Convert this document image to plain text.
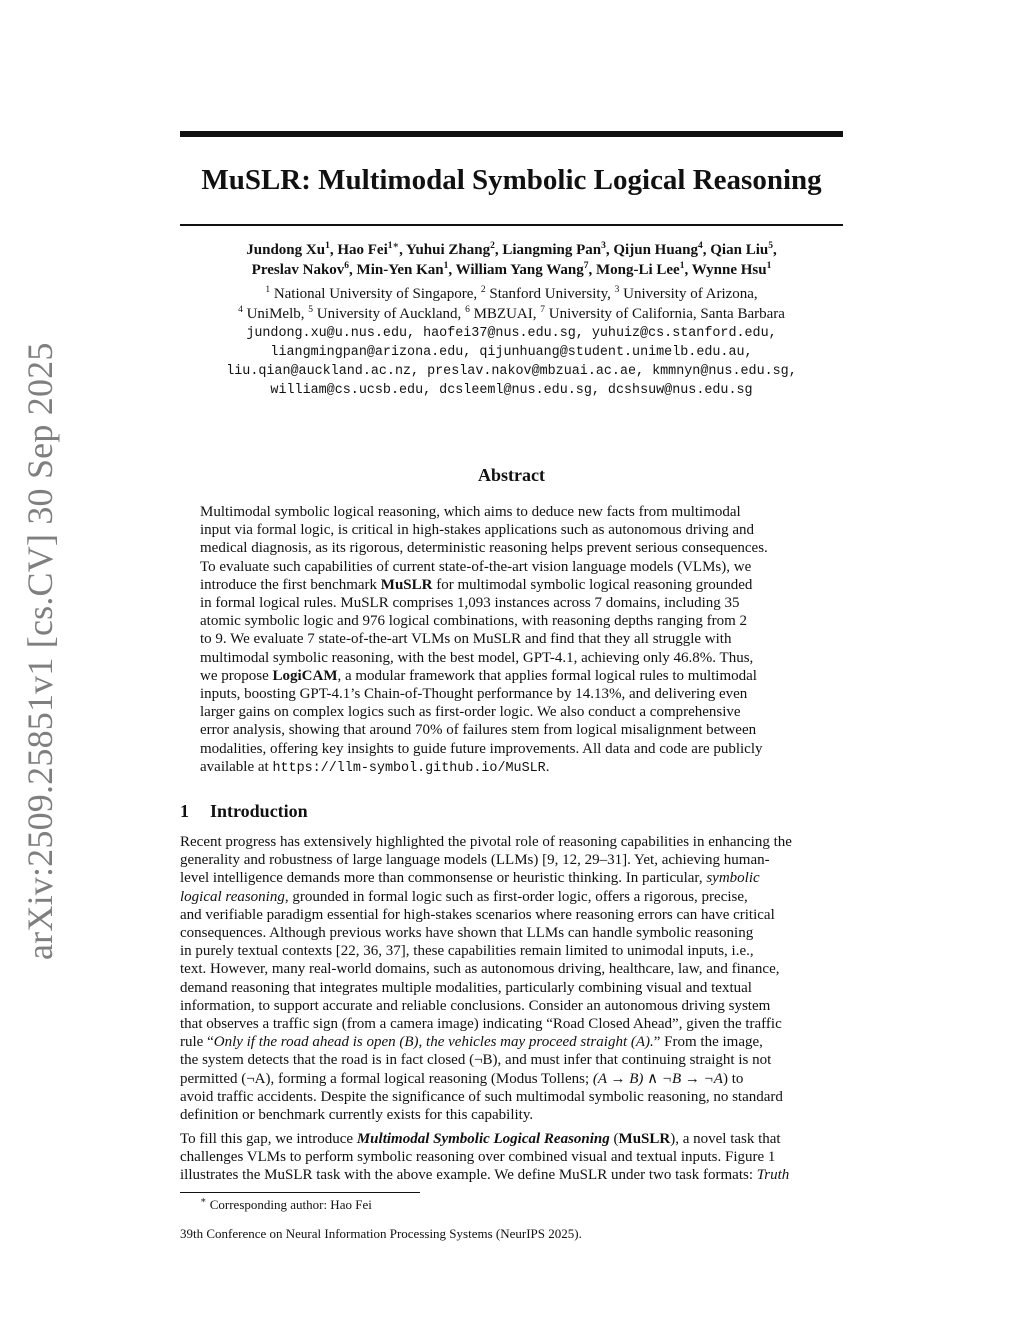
arXiv:2509.25851v1 [cs.CV] 30 Sep 2025
MuSLR: Multimodal Symbolic Logical Reasoning
Jundong Xu$^1$, Hao Fei$^{1∗}$, Yuhui Zhang$^2$, Liangming Pan$^3$, Qijun Huang$^4$, Qian Liu$^5$,
Preslav Nakov$^6$, Min-Yen Kan$^1$, William Yang Wang$^7$, Mong-Li Lee$^1$, Wynne Hsu$^1$
$^1$ National University of Singapore, $^2$ Stanford University, $^3$ University of Arizona,
$^4$ UniMelb, $^5$ University of Auckland, $^6$ MBZUAI, $^7$ University of California, Santa Barbara
jundong.xu@u.nus.edu, haofei37@nus.edu.sg, yuhuiz@cs.stanford.edu,
liangmingpan@arizona.edu, qijunhuang@student.unimelb.edu.au,
liu.qian@auckland.ac.nz, preslav.nakov@mbzuai.ac.ae, kmmnyn@nus.edu.sg,
william@cs.ucsb.edu, dcsleeml@nus.edu.sg, dcshsuw@nus.edu.sg
Abstract
Multimodal symbolic logical reasoning, which aims to deduce new facts from multimodal
input via formal logic, is critical in high-stakes applications such as autonomous driving and
medical diagnosis, as its rigorous, deterministic reasoning helps prevent serious consequences.
To evaluate such capabilities of current state-of-the-art vision language models (VLMs), we
introduce the first benchmark MuSLR for multimodal symbolic logical reasoning grounded
in formal logical rules. MuSLR comprises 1,093 instances across 7 domains, including 35
atomic symbolic logic and 976 logical combinations, with reasoning depths ranging from 2
to 9. We evaluate 7 state-of-the-art VLMs on MuSLR and find that they all struggle with
multimodal symbolic reasoning, with the best model, GPT-4.1, achieving only 46.8%. Thus,
we propose LogiCAM, a modular framework that applies formal logical rules to multimodal
inputs, boosting GPT-4.1’s Chain-of-Thought performance by 14.13%, and delivering even
larger gains on complex logics such as first-order logic. We also conduct a comprehensive
error analysis, showing that around 70% of failures stem from logical misalignment between
modalities, offering key insights to guide future improvements. All data and code are publicly
available at https://llm-symbol.github.io/MuSLR.
1 Introduction
Recent progress has extensively highlighted the pivotal role of reasoning capabilities in enhancing the
generality and robustness of large language models (LLMs) [9, 12, 29–31]. Yet, achieving human-
level intelligence demands more than commonsense or heuristic thinking. In particular, symbolic
logical reasoning, grounded in formal logic such as first-order logic, offers a rigorous, precise,
and verifiable paradigm essential for high-stakes scenarios where reasoning errors can have critical
consequences. Although previous works have shown that LLMs can handle symbolic reasoning
in purely textual contexts [22, 36, 37], these capabilities remain limited to unimodal inputs, i.e.,
text. However, many real-world domains, such as autonomous driving, healthcare, law, and finance,
demand reasoning that integrates multiple modalities, particularly combining visual and textual
information, to support accurate and reliable conclusions. Consider an autonomous driving system
that observes a traffic sign (from a camera image) indicating “Road Closed Ahead”, given the traffic
rule “Only if the road ahead is open (B), the vehicles may proceed straight (A).” From the image,
the system detects that the road is in fact closed (¬B), and must infer that continuing straight is not
permitted (¬A), forming a formal logical reasoning (Modus Tollens; (A → B) ∧ ¬B → ¬A) to
avoid traffic accidents. Despite the significance of such multimodal symbolic reasoning, no standard
definition or benchmark currently exists for this capability.
To fill this gap, we introduce Multimodal Symbolic Logical Reasoning (MuSLR), a novel task that
challenges VLMs to perform symbolic reasoning over combined visual and textual inputs. Figure 1
illustrates the MuSLR task with the above example. We define MuSLR under two task formats: Truth
∗ Corresponding author: Hao Fei
39th Conference on Neural Information Processing Systems (NeurIPS 2025).
